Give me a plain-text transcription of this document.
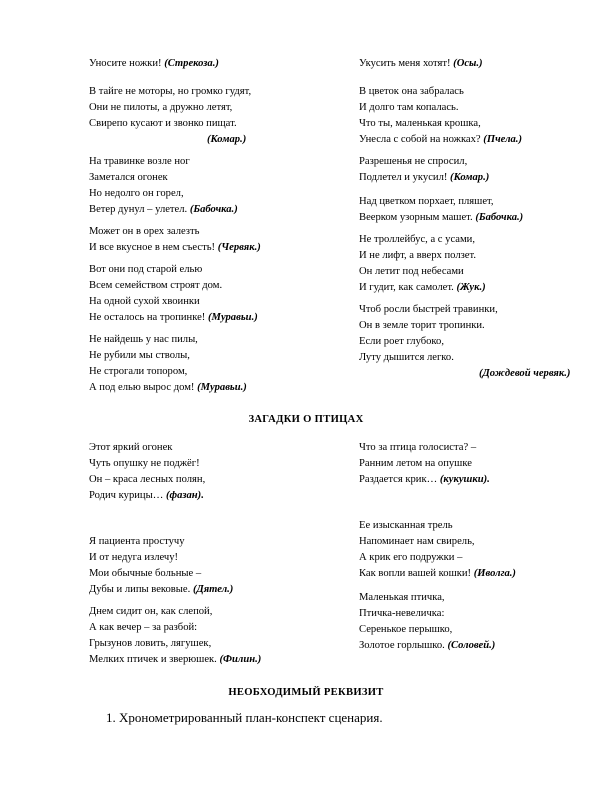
Уносите ножки! (Стрекоза.)
В тайге не моторы, но громко гудят,
Они не пилоты, а дружно летят,
Свирепо кусают и звонко пищат.
(Комар.)
На травинке возле ног
Заметался огонек
Но недолго он горел,
Ветер дунул – улетел. (Бабочка.)
Может он в орех залезть
И все вкусное в нем съесть! (Червяк.)
Вот они под старой елью
Всем семейством строят дом.
На одной сухой хвоинки
Не осталось на тропинке! (Муравьи.)
Не найдешь у нас пилы,
Не рубили мы стволы,
Не строгали топором,
А под елью вырос дом! (Муравьи.)
Укусить меня хотят! (Осы.)
В цветок она забралась
И долго там копалась.
Что ты, маленькая крошка,
Унесла с собой на ножках? (Пчела.)
Разрешенья не спросил,
Подлетел и укусил! (Комар.)
Над цветком порхает, пляшет,
Веерком узорным машет. (Бабочка.)
Не троллейбус, а с усами,
И не лифт, а вверх ползет.
Он летит под небесами
И гудит, как самолет. (Жук.)
Чтоб росли быстрей травинки,
Он в земле торит тропинки.
Если роет глубоко,
Луту дышится легко.
(Дождевой червяк.)
ЗАГАДКИ О ПТИЦАХ
Этот яркий огонек
Чуть опушку не поджёг!
Он – краса лесных полян,
Родич курицы… (фазан).
Я пациента простучу
И от недуга излечу!
Мои обычные больные –
Дубы и липы вековые. (Дятел.)
Днем сидит он, как слепой,
А как вечер – за разбой:
Грызунов ловить, лягушек,
Мелких птичек и зверюшек. (Филин.)
Что за птица голосиста? –
Ранним летом на опушке
Раздается крик… (кукушки).
Ее изысканная трель
Напоминает нам свирель,
А крик его подружки –
Как вопли вашей кошки! (Иволга.)
Маленькая птичка,
Птичка-невеличка:
Серенькое перышко,
Золотое горлышко. (Соловей.)
НЕОБХОДИМЫЙ РЕКВИЗИТ
1. Хронометрированный план-конспект сценария.
